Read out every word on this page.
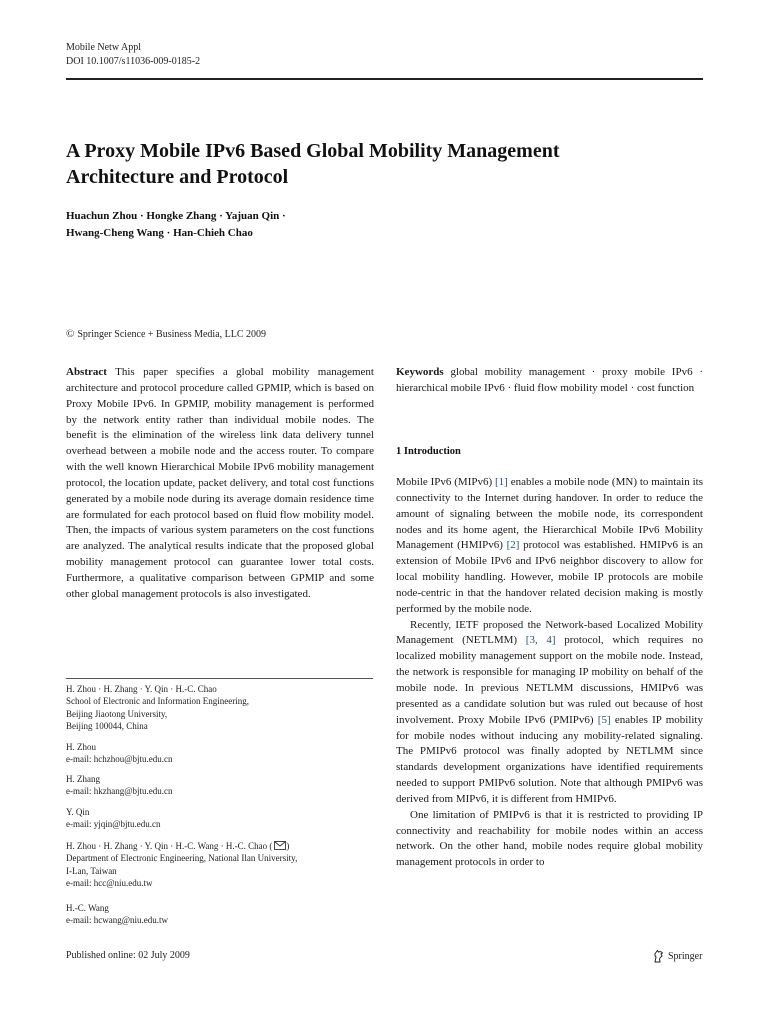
Mobile Netw Appl
DOI 10.1007/s11036-009-0185-2
A Proxy Mobile IPv6 Based Global Mobility Management
Architecture and Protocol
Huachun Zhou · Hongke Zhang · Yajuan Qin ·
Hwang-Cheng Wang · Han-Chieh Chao
© Springer Science + Business Media, LLC 2009
Abstract This paper specifies a global mobility management architecture and protocol procedure called GPMIP, which is based on Proxy Mobile IPv6. In GPMIP, mobility management is performed by the network entity rather than individual mobile nodes. The benefit is the elimination of the wireless link data delivery tunnel overhead between a mobile node and the access router. To compare with the well known Hierarchical Mobile IPv6 mobility management protocol, the location update, packet delivery, and total cost functions generated by a mobile node during its average domain residence time are formulated for each protocol based on fluid flow mobility model. Then, the impacts of various system parameters on the cost functions are analyzed. The analytical results indicate that the proposed global mobility management protocol can guarantee lower total costs. Furthermore, a qualitative comparison between GPMIP and some other global management protocols is also investigated.
Keywords global mobility management · proxy mobile IPv6 · hierarchical mobile IPv6 · fluid flow mobility model · cost function
1 Introduction

Mobile IPv6 (MIPv6) [1] enables a mobile node (MN) to maintain its connectivity to the Internet during handover. In order to reduce the amount of signaling between the mobile node, its correspondent nodes and its home agent, the Hierarchical Mobile IPv6 Mobility Management (HMIPv6) [2] protocol was established. HMIPv6 is an extension of Mobile IPv6 and IPv6 neighbor discovery to allow for local mobility handling. However, mobile IP protocols are mobile node-centric in that the handover related decision making is mostly performed by the mobile node.

Recently, IETF proposed the Network-based Localized Mobility Management (NETLMM) [3, 4] protocol, which requires no localized mobility management support on the mobile node. Instead, the network is responsible for managing IP mobility on behalf of the mobile node. In previous NETLMM discussions, HMIPv6 was presented as a candidate solution but was ruled out because of host involvement. Proxy Mobile IPv6 (PMIPv6) [5] enables IP mobility for mobile nodes without inducing any mobility-related signaling. The PMIPv6 protocol was finally adopted by NETLMM since standards development organizations have identified requirements needed to support PMIPv6 solution. Note that although PMIPv6 was derived from MIPv6, it is different from HMIPv6.

One limitation of PMIPv6 is that it is restricted to providing IP connectivity and reachability for mobile nodes within an access network. On the other hand, mobile nodes require global mobility management protocols in order to

H. Zhou · H. Zhang · Y. Qin · H.-C. Chao
School of Electronic and Information Engineering,
Beijing Jiaotong University,
Beijing 100044, China
H. Zhou
e-mail: hchzhou@bjtu.edu.cn
H. Zhang
e-mail: hkzhang@bjtu.edu.cn
Y. Qin
e-mail: yjqin@bjtu.edu.cn
H. Zhou · H. Zhang · Y. Qin · H.-C. Wang · H.-C. Chao ( )
Department of Electronic Engineering, National Ilan University,
I-Lan, Taiwan
e-mail: hcc@niu.edu.tw
H.-C. Wang
e-mail: hcwang@niu.edu.tw
Published online: 02 July 2009	Springer
